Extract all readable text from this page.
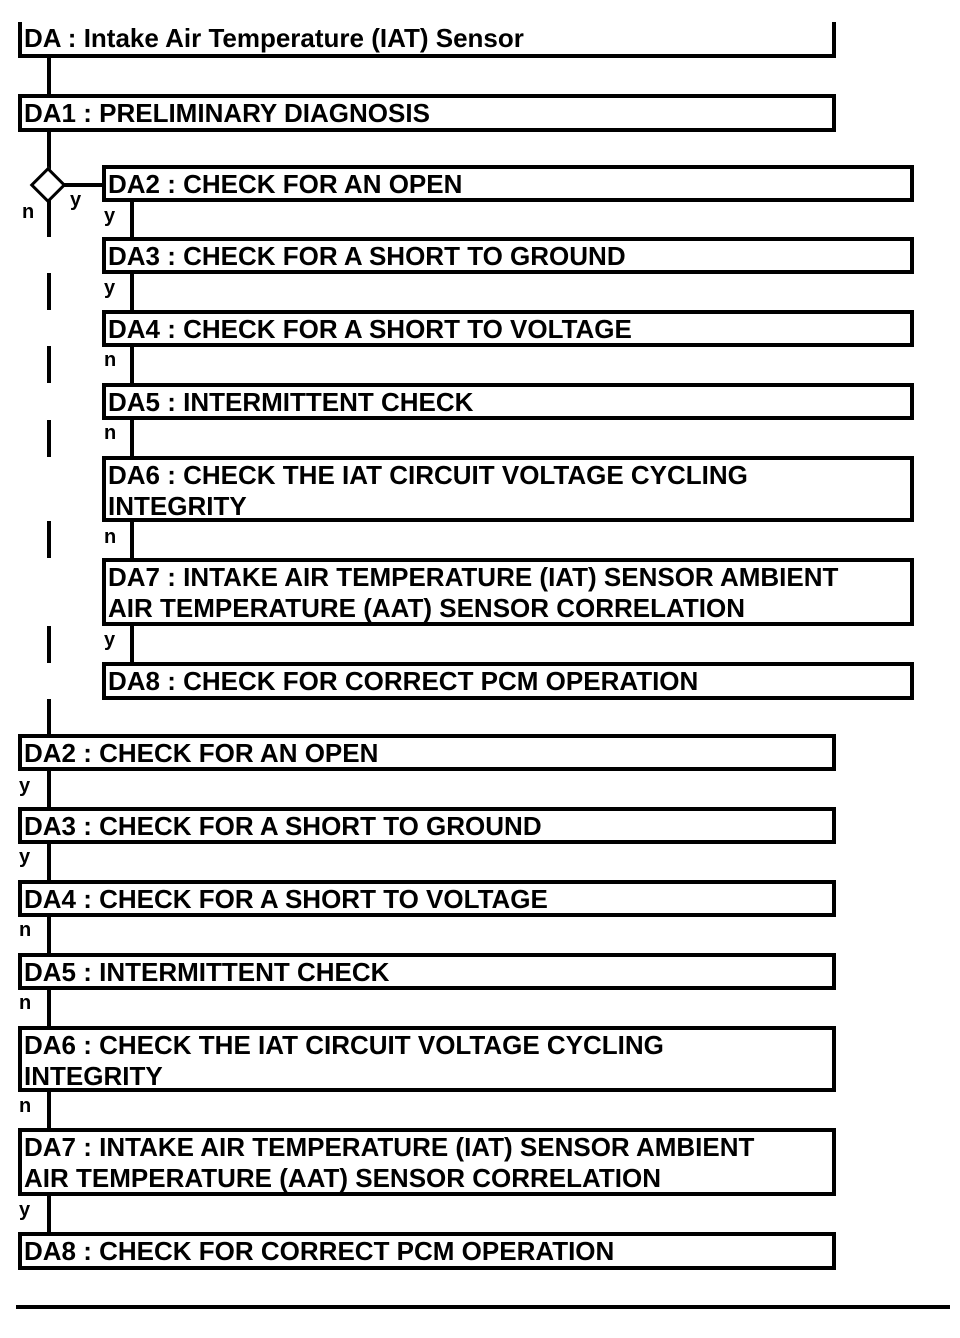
DA : Intake Air Temperature (IAT) Sensor
DA1 : PRELIMINARY DIAGNOSIS
y
n
DA2 : CHECK FOR AN OPEN
y
DA3 : CHECK FOR A SHORT TO GROUND
y
DA4 : CHECK FOR A SHORT TO VOLTAGE
n
DA5 : INTERMITTENT CHECK
n
DA6 : CHECK THE IAT CIRCUIT VOLTAGE CYCLING
INTEGRITY
n
DA7 : INTAKE AIR TEMPERATURE (IAT) SENSOR AMBIENT
AIR TEMPERATURE (AAT) SENSOR CORRELATION
y
DA8 : CHECK FOR CORRECT PCM OPERATION
DA2 : CHECK FOR AN OPEN
y
DA3 : CHECK FOR A SHORT TO GROUND
y
DA4 : CHECK FOR A SHORT TO VOLTAGE
n
DA5 : INTERMITTENT CHECK
n
DA6 : CHECK THE IAT CIRCUIT VOLTAGE CYCLING
INTEGRITY
n
DA7 : INTAKE AIR TEMPERATURE (IAT) SENSOR AMBIENT
AIR TEMPERATURE (AAT) SENSOR CORRELATION
y
DA8 : CHECK FOR CORRECT PCM OPERATION
